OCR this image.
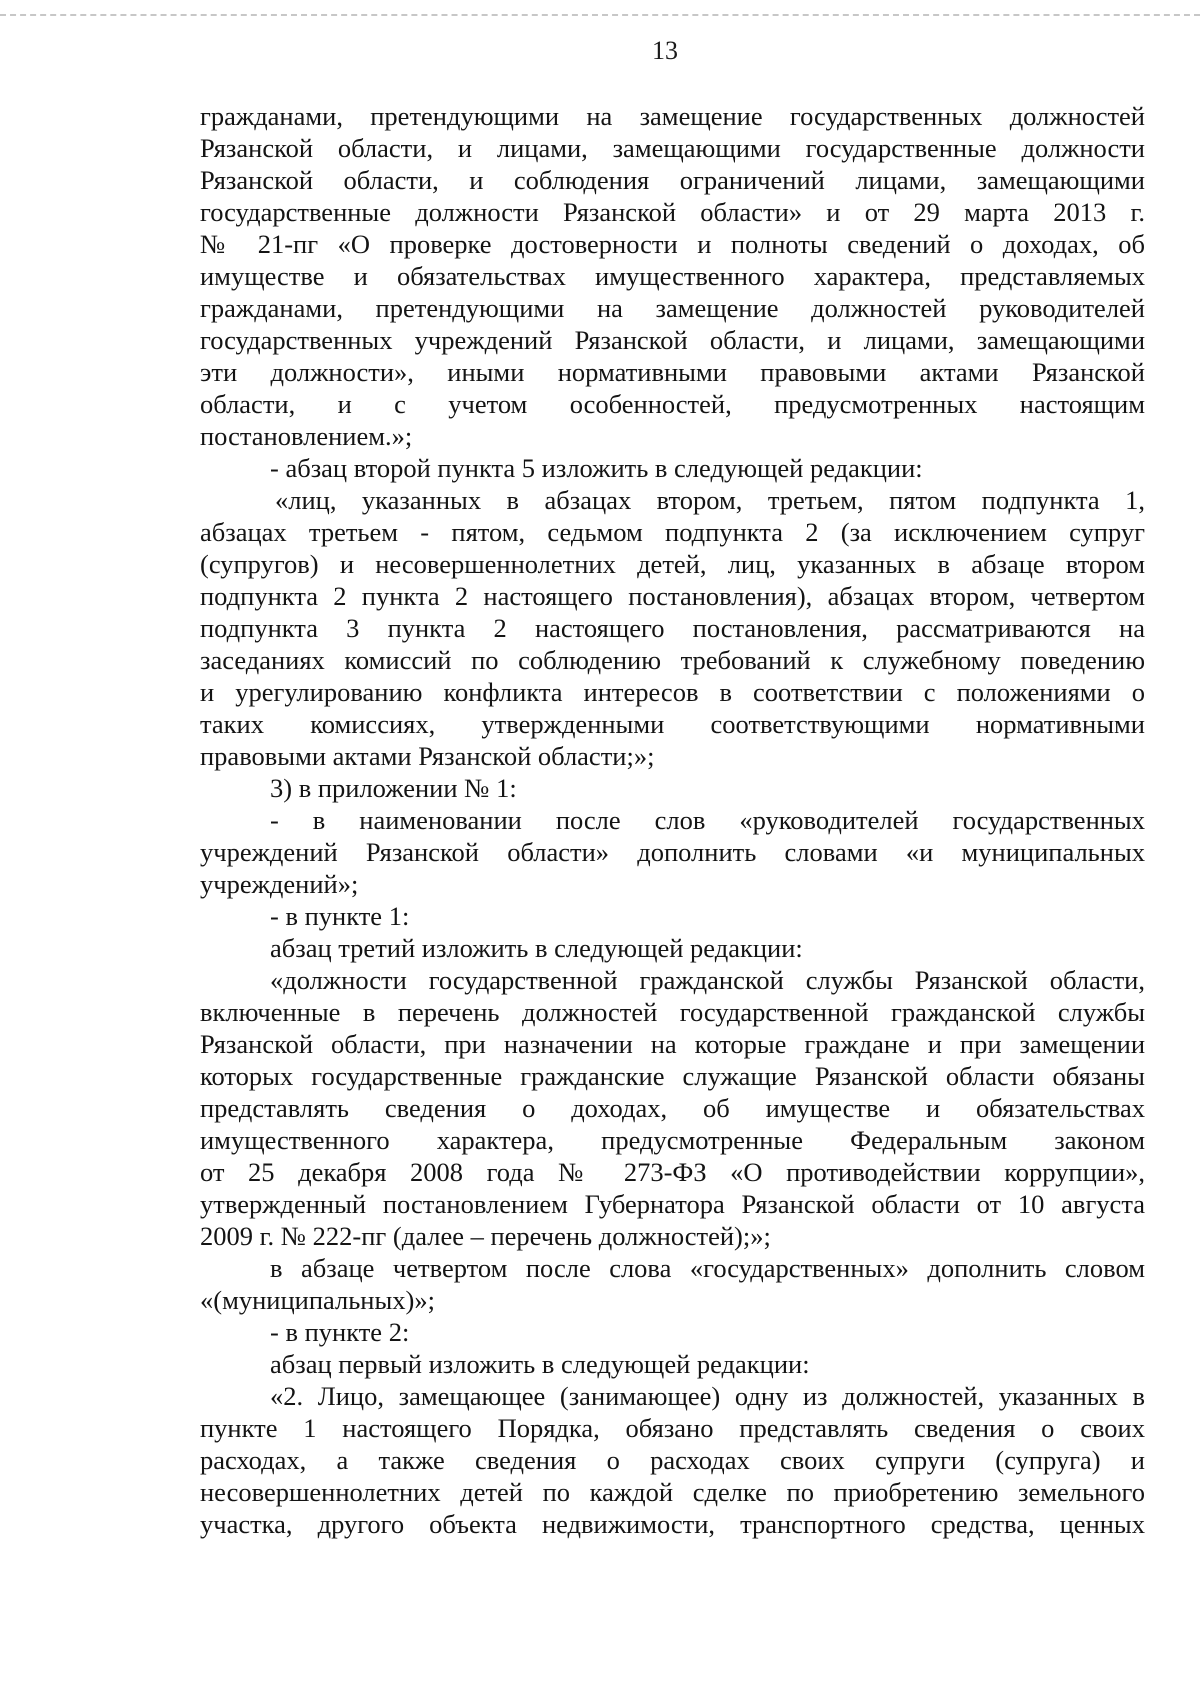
13
гражданами, претендующими на замещение государственных должностей
Рязанской области, и лицами, замещающими государственные должности
Рязанской области, и соблюдения ограничений лицами, замещающими
государственные должности Рязанской области» и от 29 марта 2013 г.
№ 21-пг «О проверке достоверности и полноты сведений о доходах, об
имуществе и обязательствах имущественного характера, представляемых
гражданами, претендующими на замещение должностей руководителей
государственных учреждений Рязанской области, и лицами, замещающими
эти должности», иными нормативными правовыми актами Рязанской
области, и с учетом особенностей, предусмотренных настоящим
постановлением.»;
- абзац второй пункта 5 изложить в следующей редакции:
«лиц, указанных в абзацах втором, третьем, пятом подпункта 1,
абзацах третьем - пятом, седьмом подпункта 2 (за исключением супруг
(супругов) и несовершеннолетних детей, лиц, указанных в абзаце втором
подпункта 2 пункта 2 настоящего постановления), абзацах втором, четвертом
подпункта 3 пункта 2 настоящего постановления, рассматриваются на
заседаниях комиссий по соблюдению требований к служебному поведению
и урегулированию конфликта интересов в соответствии с положениями о
таких комиссиях, утвержденными соответствующими нормативными
правовыми актами Рязанской области;»;
3) в приложении № 1:
- в наименовании после слов «руководителей государственных
учреждений Рязанской области» дополнить словами «и муниципальных
учреждений»;
- в пункте 1:
абзац третий изложить в следующей редакции:
«должности государственной гражданской службы Рязанской области,
включенные в перечень должностей государственной гражданской службы
Рязанской области, при назначении на которые граждане и при замещении
которых государственные гражданские служащие Рязанской области обязаны
представлять сведения о доходах, об имуществе и обязательствах
имущественного характера, предусмотренные Федеральным законом
от 25 декабря 2008 года № 273-ФЗ «О противодействии коррупции»,
утвержденный постановлением Губернатора Рязанской области от 10 августа
2009 г. № 222-пг (далее – перечень должностей);»;
в абзаце четвертом после слова «государственных» дополнить словом
«(муниципальных)»;
- в пункте 2:
абзац первый изложить в следующей редакции:
«2. Лицо, замещающее (занимающее) одну из должностей, указанных в
пункте 1 настоящего Порядка, обязано представлять сведения о своих
расходах, а также сведения о расходах своих супруги (супруга) и
несовершеннолетних детей по каждой сделке по приобретению земельного
участка, другого объекта недвижимости, транспортного средства, ценных
